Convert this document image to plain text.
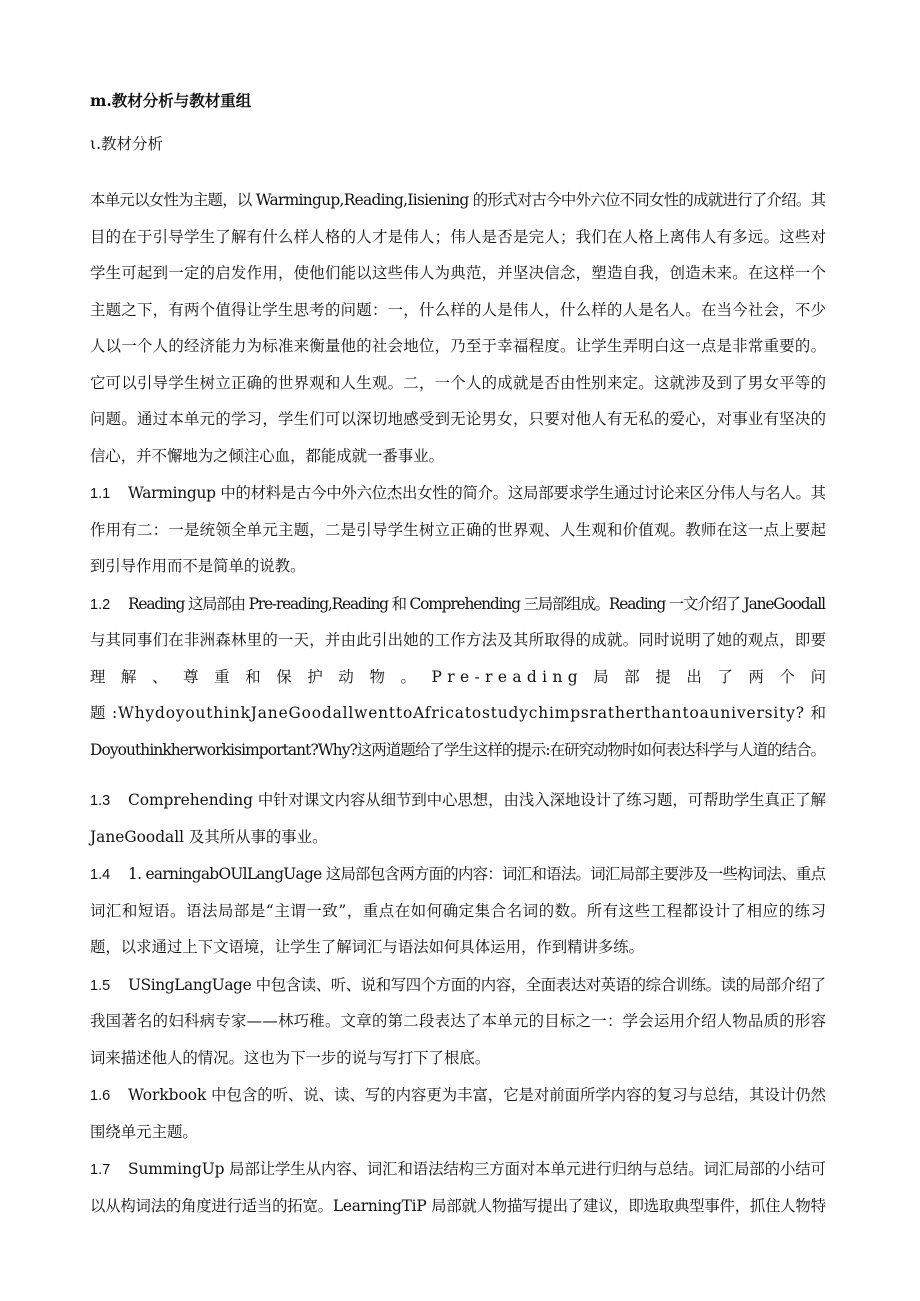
m.教材分析与教材重组
ι.教材分析
本单元以女性为主题，以 Warmingup,Reading,Iisiening 的形式对古今中外六位不同女性的成就进行了介绍。其
目的在于引导学生了解有什么样人格的人才是伟人；伟人是否是完人；我们在人格上离伟人有多远。这些对
学生可起到一定的启发作用，使他们能以这些伟人为典范，并坚决信念，塑造自我，创造未来。在这样一个
主题之下，有两个值得让学生思考的问题：一，什么样的人是伟人，什么样的人是名人。在当今社会，不少
人以一个人的经济能力为标准来衡量他的社会地位，乃至于幸福程度。让学生弄明白这一点是非常重要的。
它可以引导学生树立正确的世界观和人生观。二，一个人的成就是否由性别来定。这就涉及到了男女平等的
问题。通过本单元的学习，学生们可以深切地感受到无论男女，只要对他人有无私的爱心，对事业有坚决的
信心，并不懈地为之倾注心血，都能成就一番事业。
1.1 Warmingup 中的材料是古今中外六位杰出女性的简介。这局部要求学生通过讨论来区分伟人与名人。其
作用有二：一是统领全单元主题，二是引导学生树立正确的世界观、人生观和价值观。教师在这一点上要起
到引导作用而不是简单的说教。
1.2 Reading 这局部由 Pre-reading,Reading 和 Comprehending 三局部组成。Reading 一文介绍了 JaneGoodall
与其同事们在非洲森林里的一天，并由此引出她的工作方法及其所取得的成就。同时说明了她的观点，即要
理 解 、 尊 重 和 保 护 动 物 。 Pre-reading 局 部 提 出 了 两 个 问
题 :WhydoyouthinkJaneGoodallwenttoAfricatostudychimpsratherthantoauniversity? 和
Doyouthinkherworkisimportant?Why?这两道题给了学生这样的提示:在研究动物时如何表达科学与人道的结合。
1.3 Comprehending 中针对课文内容从细节到中心思想，由浅入深地设计了练习题，可帮助学生真正了解
JaneGoodall 及其所从事的事业。
1.4 1. earningabOUlLangUage 这局部包含两方面的内容：词汇和语法。词汇局部主要涉及一些构词法、重点
词汇和短语。语法局部是“主谓一致”，重点在如何确定集合名词的数。所有这些工程都设计了相应的练习
题，以求通过上下文语境，让学生了解词汇与语法如何具体运用，作到精讲多练。
1.5 USingLangUage 中包含读、听、说和写四个方面的内容，全面表达对英语的综合训练。读的局部介绍了
我国著名的妇科病专家——林巧稚。文章的第二段表达了本单元的目标之一：学会运用介绍人物品质的形容
词来描述他人的情况。这也为下一步的说与写打下了根底。
1.6 Workbook 中包含的听、说、读、写的内容更为丰富，它是对前面所学内容的复习与总结，其设计仍然
围绕单元主题。
1.7 SummingUp 局部让学生从内容、词汇和语法结构三方面对本单元进行归纳与总结。词汇局部的小结可
以从构词法的角度进行适当的拓宽。LearningTiP 局部就人物描写提出了建议，即选取典型事件，抓住人物特
